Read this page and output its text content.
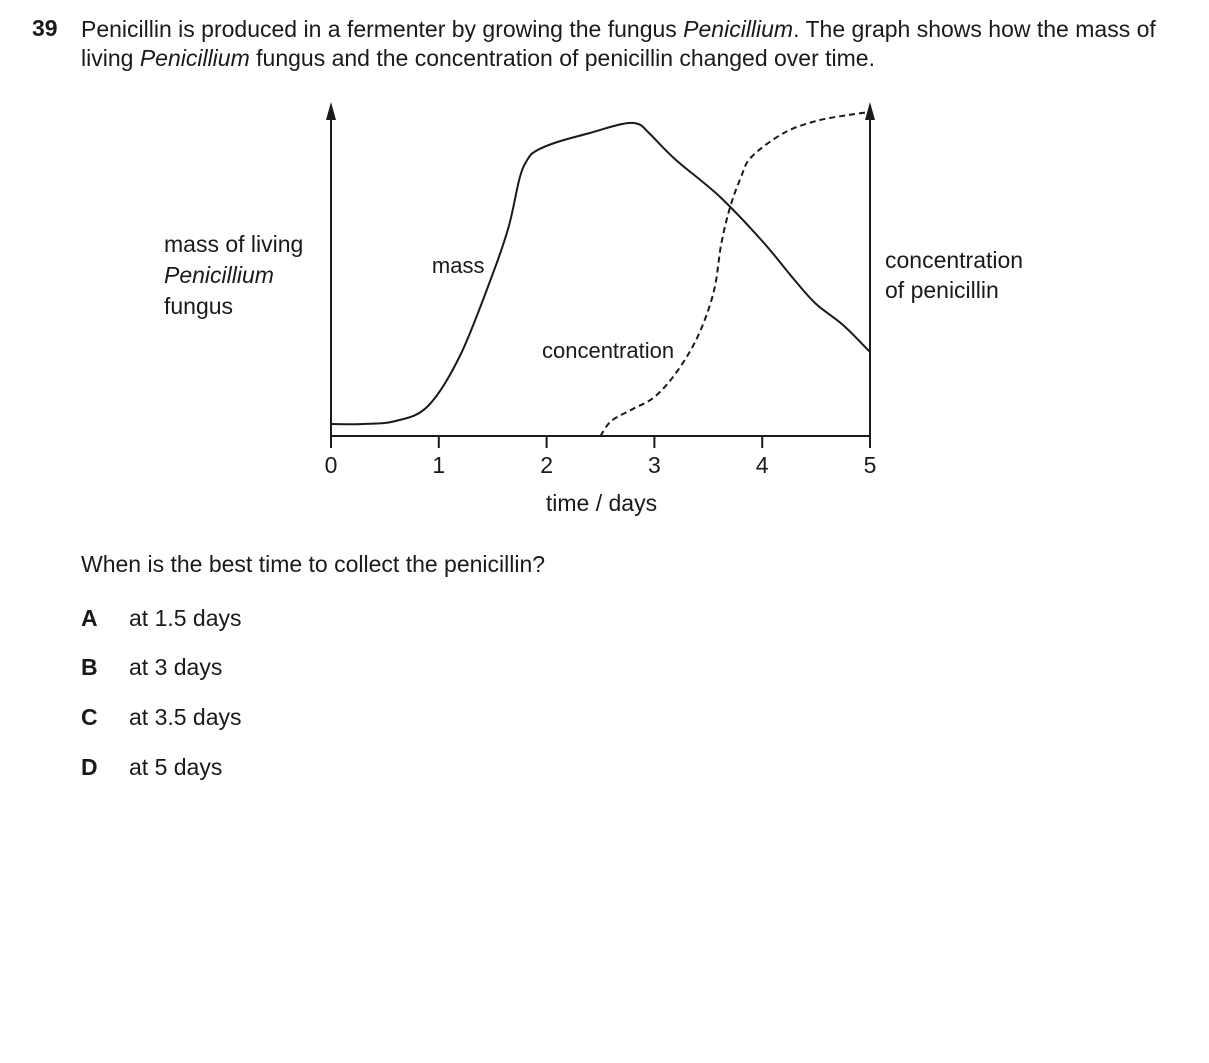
39 Penicillin is produced in a fermenter by growing the fungus Penicillium. The graph shows how the mass of living Penicillium fungus and the concentration of penicillin changed over time.
0	1	2	3	4	5
time / days
mass
concentration
mass of living
Penicillium
fungus
concentration
of penicillin
When is the best time to collect the penicillin?
A	at 1.5 days
B	at 3 days
C	at 3.5 days
D	at 5 days
